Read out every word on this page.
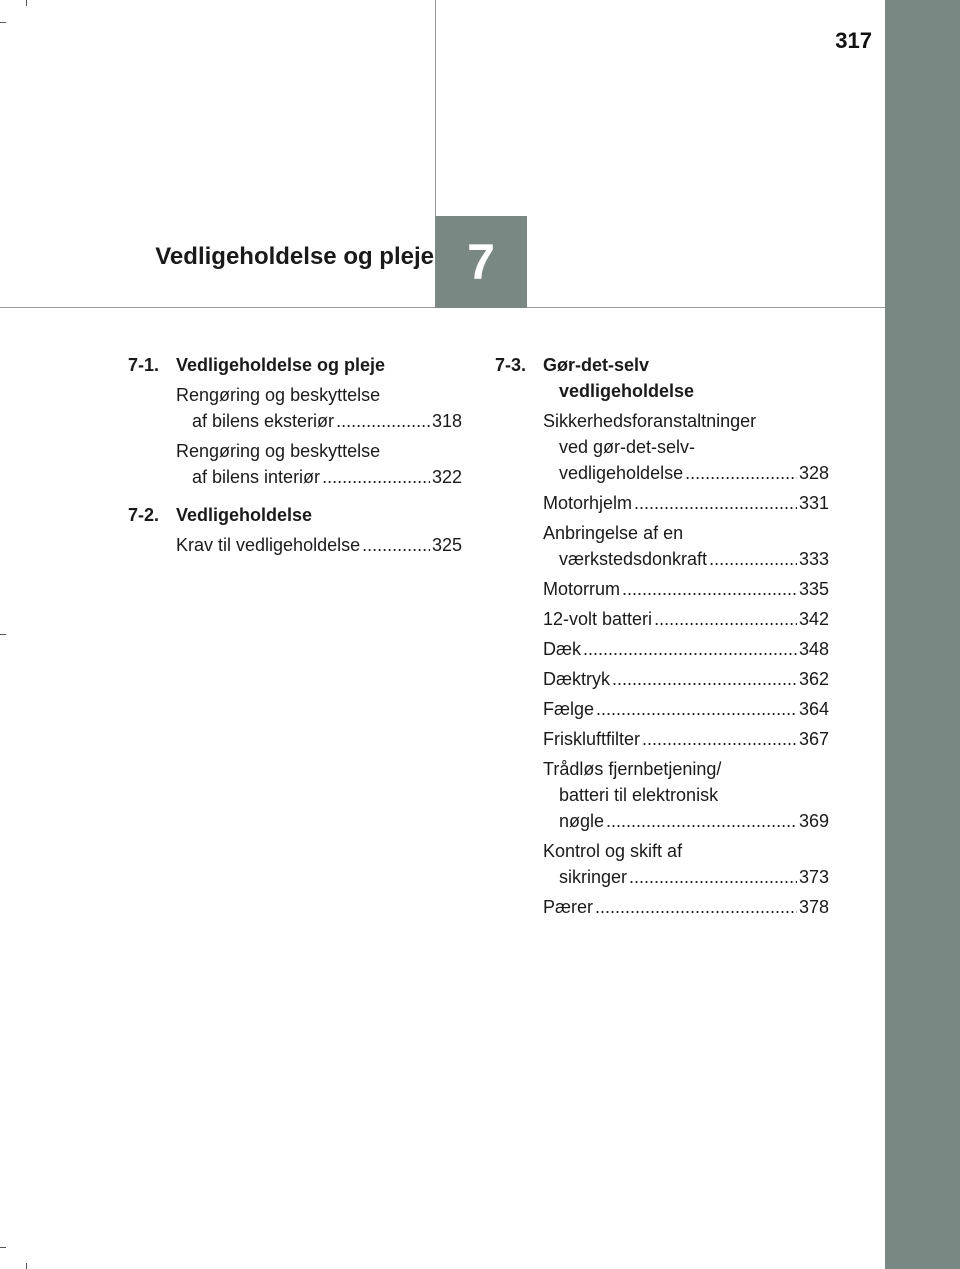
317
Vedligeholdelse og pleje 7
7-1. Vedligeholdelse og pleje
Rengøring og beskyttelse
af bilens eksteriør .....	318
Rengøring og beskyttelse
af bilens interiør .....	322
7-2. Vedligeholdelse
Krav til vedligeholdelse .....	325
7-3. Gør-det-selv
vedligeholdelse
Sikkerhedsforanstaltninger
ved gør-det-selv-
vedligeholdelse .....	328
Motorhjelm .....	331
Anbringelse af en
værkstedsdonkraft .....	333
Motorrum .....	335
12-volt batteri .....	342
Dæk .....	348
Dæktryk .....	362
Fælge .....	364
Friskluftfilter .....	367
Trådløs fjernbetjening/
batteri til elektronisk
nøgle .....	369
Kontrol og skift af
sikringer .....	373
Pærer .....	378
